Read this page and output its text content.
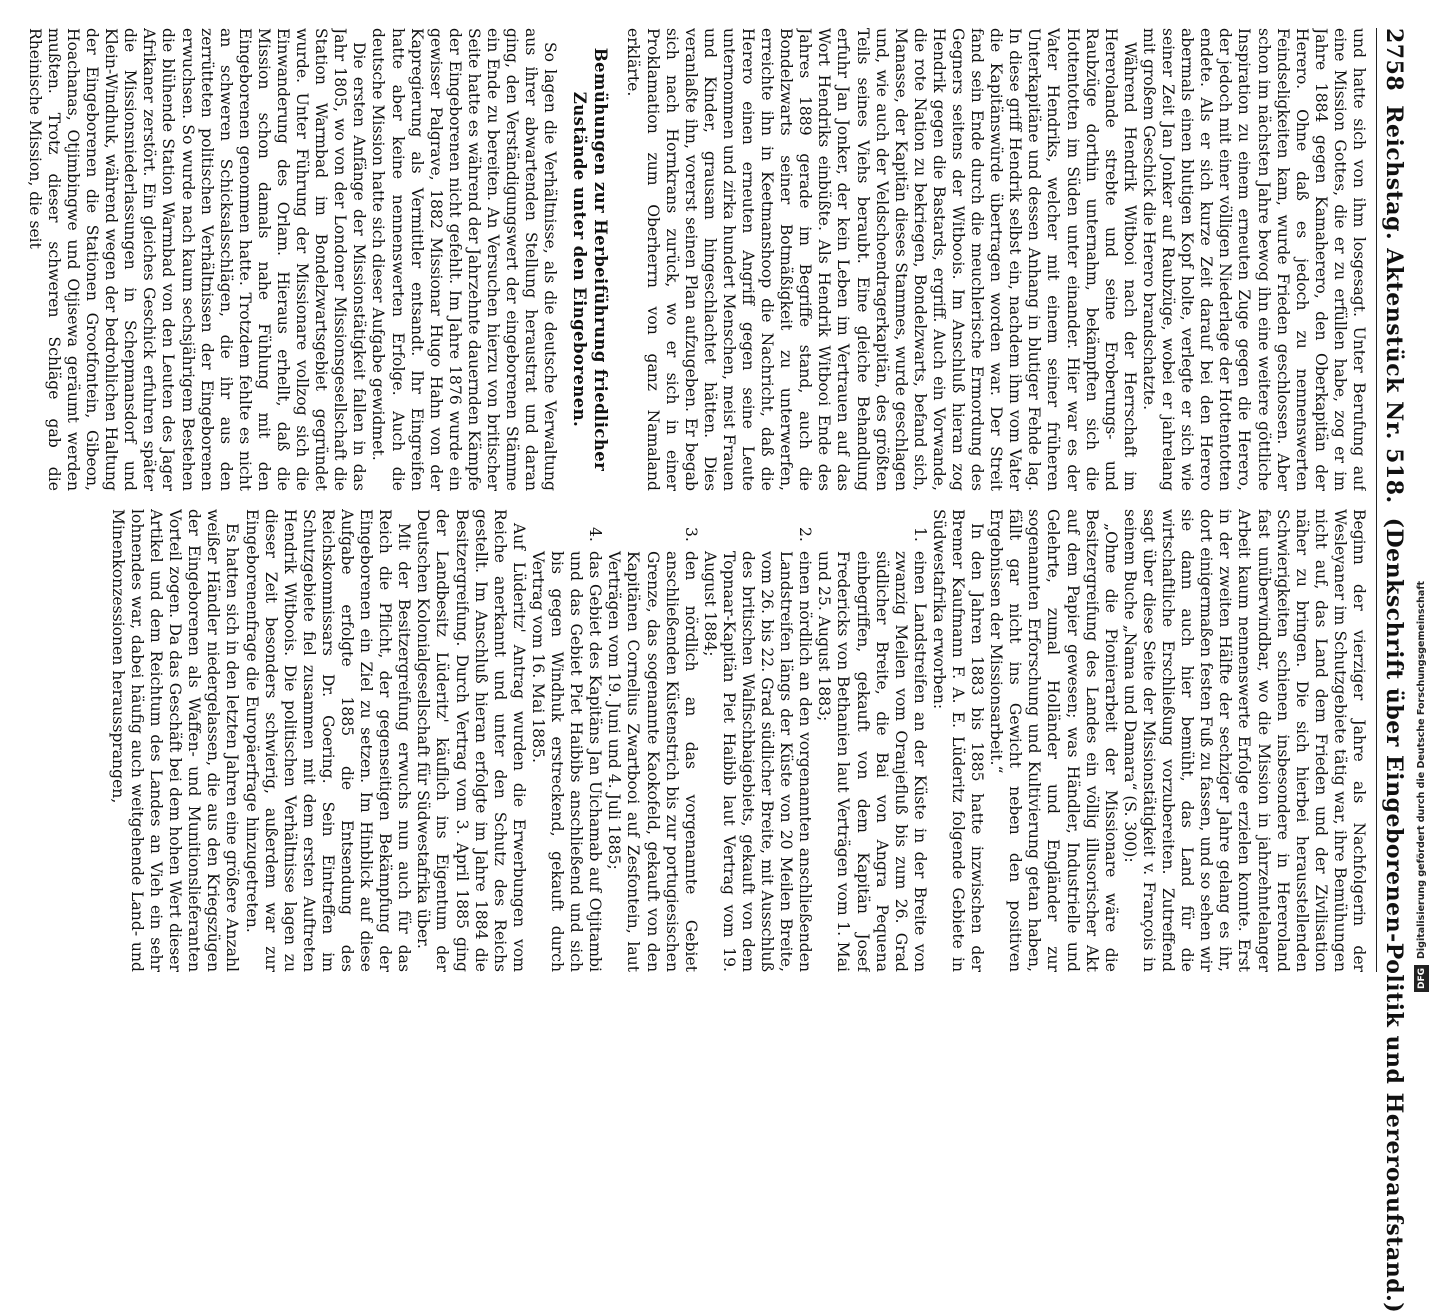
2758
Reichstag. Aktenstück Nr. 518.
(Denkschrift über Eingeborenen-Politik und Hereroaufstand.)

und hatte sich von ihm losgesagt. Unter Berufung auf eine Mission Gottes, die er zu erfüllen habe, zog er im Jahre 1884 gegen Kamaherero, den Oberkapitän der Herero. Ohne daß es jedoch zu nennenswerten Feindseligkeiten kam, wurde Frieden geschlossen. Aber schon im nächsten Jahre bewog ihn eine weitere göttliche Inspiration zu einem erneuten Zuge gegen die Herero, der jedoch mit einer völligen Niederlage der Hottentotten endete. Als er sich kurze Zeit darauf bei den Herero abermals einen blutigen Kopf holte, verlegte er sich wie seiner Zeit Jan Jonker auf Raubzüge, wobei er jahrelang mit großem Geschick die Herero brandschatzte.

Während Hendrik Witbooi nach der Herrschaft im Hererolande strebte und seine Eroberungs- und Raubzüge dorthin unternahm, bekämpften sich die Hottentotten im Süden unter einander. Hier war es der Vater Hendriks, welcher mit einem seiner früheren Unterkapitäne und dessen Anhang in blutiger Fehde lag. In diese griff Hendrik selbst ein, nachdem ihm vom Vater die Kapitänswürde übertragen worden war. Der Streit fand sein Ende durch die meuchlerische Ermordung des Gegners seitens der Witboois. Im Anschluß hieran zog Hendrik gegen die Bastards, ergriff. Auch ein Vorwande, die rote Nation zu bekriegen, Bondelzwarts, befand sich, Manasse, der Kapitän dieses Stammes, wurde geschlagen und, wie auch der Veldschoendragerkapitän, des größten Teils seines Viehs beraubt. Eine gleiche Behandlung erfuhr Jan Jonker, der kein Leben im Vertrauen auf das Wort Hendriks einbüßte. Als Hendrik Witbooi Ende des Jahres 1889 gerade im Begriffe stand, auch die Bondelzwarts seiner Botmäßigkeit zu unterwerfen, erreichte ihn in Keetmanshoop die Nachricht, daß die Herero einen erneuten Angriff gegen seine Leute unternommen und zirka hundert Menschen, meist Frauen und Kinder, grausam hingeschlachtet hätten. Dies veranlaßte ihn, vorerst seinen Plan aufzugeben. Er begab sich nach Hornkrans zurück, wo er sich in einer Proklamation zum Oberherrn von ganz Namaland erklärte.

Bemühungen zur Herbeiführung friedlicher Zustände unter den Eingeborenen.

So lagen die Verhältnisse, als die deutsche Verwaltung aus ihrer abwartenden Stellung heraustrat und daran ging, den Verständigungswert der eingeborenen Stämme ein Ende zu bereiten. An Versuchen hierzu von britischer Seite hatte es während der Jahrzehnte dauernden Kämpfe der Eingeborenen nicht gefehlt. Im Jahre 1876 wurde ein gewisser Palgrave, 1882 Missionar Hugo Hahn von der Kapregierung als Vermittler entsandt. Ihr Eingreifen hatte aber keine nennenswerten Erfolge. Auch die deutsche Mission hatte sich dieser Aufgabe gewidmet.

Die ersten Anfänge der Missionstätigkeit fallen in das Jahr 1805, wo von der Londoner Missionsgesellschaft die Station Warmbad im Bondelzwartsgebiet gegründet wurde. Unter Führung der Missionare vollzog sich die Einwanderung des Orlam. Hieraus erhellt, daß die Mission schon damals nahe Fühlung mit den Eingeborenen genommen hatte. Trotzdem fehlte es nicht an schweren Schicksalsschlägen, die ihr aus den zerrütteten politischen Verhältnissen der Eingeborenen erwuchsen. So wurde nach kaum sechsjährigem Bestehen die blühende Station Warmbad von den Leuten des Jager Afrikaner zerstört. Ein gleiches Geschick erfuhren später die Missionsniederlassungen in Schepmansdorf und Klein-Windhuk, während wegen der bedrohlichen Haltung der Eingeborenen die Stationen Grootfontein, Gibeon, Hoachanas, Otjimbingwe und Otjisewa geräumt werden mußten. Trotz dieser schweren Schläge gab die Rheinische Mission, die seit

Beginn der vierziger Jahre als Nachfolgerin der Wesleyaner im Schutzgebiete tätig war, ihre Bemühungen nicht auf, das Land dem Frieden und der Zivilisation näher zu bringen. Die sich hierbei herausstellenden Schwierigkeiten schienen insbesondere in Hereroland fast unüberwindbar, wo die Mission in jahrzehntelanger Arbeit kaum nennenswerte Erfolge erzielen konnte. Erst in der zweiten Hälfte der sechziger Jahre gelang es ihr, dort einigermaßen festen Fuß zu fassen, und so sehen wir sie dann auch hier bemüht, das Land für die wirtschaftliche Erschließung vorzubereiten. Zutreffend sagt über diese Seite der Missionstätigkeit v. François in seinem Buche „Nama und Damara“ (S. 300):

„Ohne die Pionierarbeit der Missionare wäre die Besitzergreifung des Landes ein völlig illusorischer Akt auf dem Papier gewesen; was Händler, Industrielle und Gelehrte, zumal Holländer und Engländer zur sogenannten Erforschung und Kultivierung getan haben, fällt gar nicht ins Gewicht neben den positiven Ergebnissen der Missionsarbeit.“

In den Jahren 1883 bis 1885 hatte inzwischen der Bremer Kaufmann F. A. E. Lüderitz folgende Gebiete in Südwestafrika erworben:

1.
einen Landstreifen an der Küste in der Breite von zwanzig Meilen vom Oranjefluß bis zum 26. Grad südlicher Breite, die Bai von Angra Pequena einbegriffen, gekauft von dem Kapitän Josef Fredericks von Bethanien laut Verträgen vom 1. Mai und 25. August 1883;
2.
einen nördlich an den vorgenannten anschließenden Landstreifen längs der Küste von 20 Meilen Breite, vom 26. bis 22. Grad südlicher Breite, mit Ausschluß des britischen Walfischbaigebiets, gekauft von dem Topnaar-Kapitän Piet Haibib laut Vertrag vom 19. August 1884;
3.
den nördlich an das vorgenannte Gebiet anschließenden Küstenstrich bis zur portugiesischen Grenze, das sogenannte Kaokofeld, gekauft von den Kapitänen Cornelius Zwartbooi auf Zesfontein, laut Verträgen vom 19. Juni und 4. Juli 1885;
4.
das Gebiet des Kapitäns Jan Uichamab auf Otjitambi und das Gebiet Piet Haibibs anschließend und sich bis gegen Windhuk erstreckend, gekauft durch Vertrag vom 16. Mai 1885.

Auf Lüderitz' Antrag wurden die Erwerbungen vom Reiche anerkannt und unter den Schutz des Reichs gestellt. Im Anschluß hieran erfolgte im Jahre 1884 die Besitzergreifung. Durch Vertrag vom 3. April 1885 ging der Landbesitz Lüderitz' käuflich ins Eigentum der Deutschen Kolonialgesellschaft für Südwestafrika über.

Mit der Besitzergreifung erwuchs nun auch für das Reich die Pflicht, der gegenseitigen Bekämpfung der Eingeborenen ein Ziel zu setzen. Im Hinblick auf diese Aufgabe erfolgte 1885 die Entsendung des Reichskommissars Dr. Goering. Sein Eintreffen im Schutzgebiete fiel zusammen mit dem ersten Auftreten Hendrik Witboois. Die politischen Verhältnisse lagen zu dieser Zeit besonders schwierig, außerdem war zur Eingeborenenfrage die Europäerfrage hinzugetreten.

Es hatten sich in den letzten Jahren eine größere Anzahl weißer Händler niedergelassen, die aus den Kriegszügen der Eingeborenen als Waffen- und Munitionslieferanten Vorteil zogen. Da das Geschäft bei dem hohen Wert dieser Artikel und dem Reichtum des Landes an Vieh ein sehr lohnendes war, dabei häufig auch weitgehende Land- und Minenkonzessionen heraussprangen,

DFG
Digitalisierung gefördert durch die Deutsche Forschungsgemeinschaft
